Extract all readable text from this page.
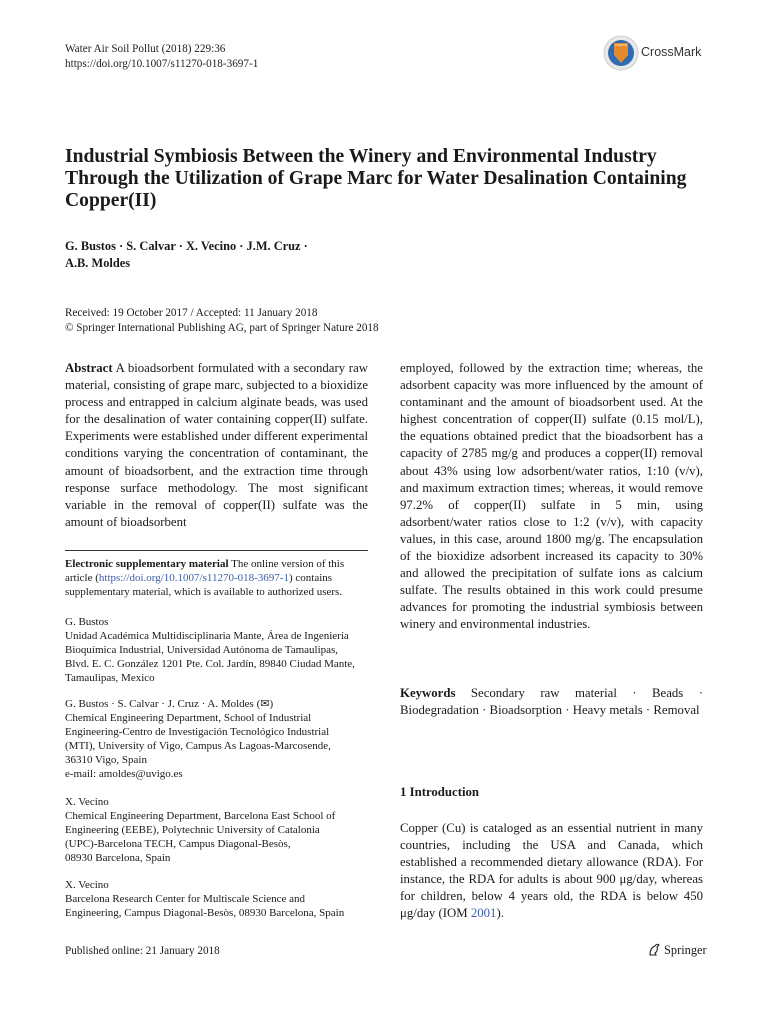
Water Air Soil Pollut (2018) 229:36
https://doi.org/10.1007/s11270-018-3697-1
CrossMark
Industrial Symbiosis Between the Winery and Environmental Industry Through the Utilization of Grape Marc for Water Desalination Containing Copper(II)
G. Bustos · S. Calvar · X. Vecino · J.M. Cruz ·
A.B. Moldes
Received: 19 October 2017 / Accepted: 11 January 2018
© Springer International Publishing AG, part of Springer Nature 2018
Abstract A bioadsorbent formulated with a secondary raw material, consisting of grape marc, subjected to a bioxidize process and entrapped in calcium alginate beads, was used for the desalination of water containing copper(II) sulfate. Experiments were established under different experimental conditions varying the concentration of contaminant, the amount of bioadsorbent, and the extraction time through response surface methodology. The most significant variable in the removal of copper(II) sulfate was the amount of bioadsorbent
Electronic supplementary material The online version of this article (https://doi.org/10.1007/s11270-018-3697-1) contains supplementary material, which is available to authorized users.
G. Bustos
Unidad Académica Multidisciplinaria Mante, Área de Ingeniería
Bioquímica Industrial, Universidad Autónoma de Tamaulipas,
Blvd. E. C. González 1201 Pte. Col. Jardín, 89840 Ciudad Mante,
Tamaulipas, Mexico
G. Bustos · S. Calvar · J. Cruz · A. Moldes (✉)
Chemical Engineering Department, School of Industrial
Engineering-Centro de Investigación Tecnológico Industrial
(MTI), University of Vigo, Campus As Lagoas-Marcosende,
36310 Vigo, Spain
e-mail: amoldes@uvigo.es
X. Vecino
Chemical Engineering Department, Barcelona East School of
Engineering (EEBE), Polytechnic University of Catalonia
(UPC)-Barcelona TECH, Campus Diagonal-Besòs,
08930 Barcelona, Spain
X. Vecino
Barcelona Research Center for Multiscale Science and
Engineering, Campus Diagonal-Besòs, 08930 Barcelona, Spain
employed, followed by the extraction time; whereas, the adsorbent capacity was more influenced by the amount of contaminant and the amount of bioadsorbent used. At the highest concentration of copper(II) sulfate (0.15 mol/L), the equations obtained predict that the bioadsorbent has a capacity of 2785 mg/g and produces a copper(II) removal about 43% using low adsorbent/water ratios, 1:10 (v/v), and maximum extraction times; whereas, it would remove 97.2% of copper(II) sulfate in 5 min, using adsorbent/water ratios close to 1:2 (v/v), with capacity values, in this case, around 1800 mg/g. The encapsulation of the bioxidize adsorbent increased its capacity to 30% and allowed the precipitation of sulfate ions as calcium sulfate. The results obtained in this work could presume advances for promoting the industrial symbiosis between winery and environmental industries.
Keywords Secondary raw material · Beads · Biodegradation · Bioadsorption · Heavy metals · Removal
1 Introduction
Copper (Cu) is cataloged as an essential nutrient in many countries, including the USA and Canada, which established a recommended dietary allowance (RDA). For instance, the RDA for adults is about 900 μg/day, whereas for children, below 4 years old, the RDA is below 450 μg/day (IOM 2001).
Published online: 21 January 2018	Springer
